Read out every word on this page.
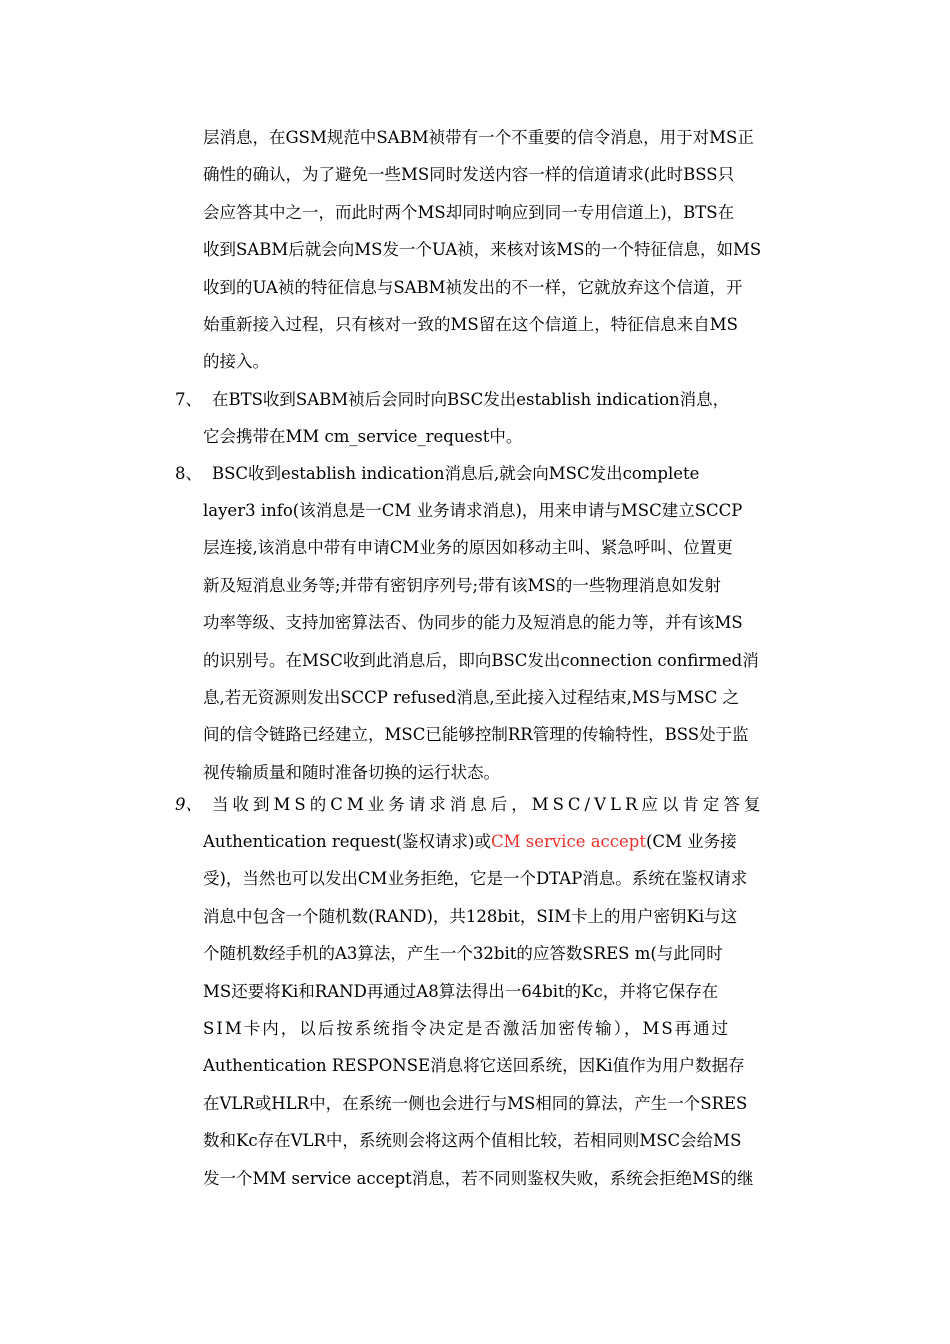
层消息，在GSM规范中SABM祯带有一个不重要的信令消息，用于对MS正
确性的确认，为了避免一些MS同时发送内容一样的信道请求(此时BSS只
会应答其中之一，而此时两个MS却同时响应到同一专用信道上)，BTS在
收到SABM后就会向MS发一个UA祯，来核对该MS的一个特征信息，如MS
收到的UA祯的特征信息与SABM祯发出的不一样，它就放弃这个信道，开
始重新接入过程，只有核对一致的MS留在这个信道上，特征信息来自MS
的接入。
7、 在BTS收到SABM祯后会同时向BSC发出establish indication消息，
它会携带在MM cm_service_request中。
8、 BSC收到establish indication消息后,就会向MSC发出complete
layer3 info(该消息是一CM 业务请求消息)，用来申请与MSC建立SCCP
层连接,该消息中带有申请CM业务的原因如移动主叫、紧急呼叫、位置更
新及短消息业务等;并带有密钥序列号;带有该MS的一些物理消息如发射
功率等级、支持加密算法否、伪同步的能力及短消息的能力等，并有该MS
的识别号。在MSC收到此消息后，即向BSC发出connection confirmed消
息,若无资源则发出SCCP refused消息,至此接入过程结束,MS与MSC 之
间的信令链路已经建立，MSC已能够控制RR管理的传输特性，BSS处于监
视传输质量和随时准备切换的运行状态。
9、 当收到MS的CM业务请求消息后，MSC/VLR应以肯定答复
Authentication request(鉴权请求)或CM service accept(CM 业务接
受)，当然也可以发出CM业务拒绝，它是一个DTAP消息。系统在鉴权请求
消息中包含一个随机数(RAND)，共128bit，SIM卡上的用户密钥Ki与这
个随机数经手机的A3算法，产生一个32bit的应答数SRES m(与此同时
MS还要将Ki和RAND再通过A8算法得出一64bit的Kc，并将它保存在
SIM卡内，以后按系统指令决定是否激活加密传输），MS再通过
Authentication RESPONSE消息将它送回系统，因Ki值作为用户数据存
在VLR或HLR中，在系统一侧也会进行与MS相同的算法，产生一个SRES
数和Kc存在VLR中，系统则会将这两个值相比较，若相同则MSC会给MS
发一个MM service accept消息，若不同则鉴权失败，系统会拒绝MS的继
